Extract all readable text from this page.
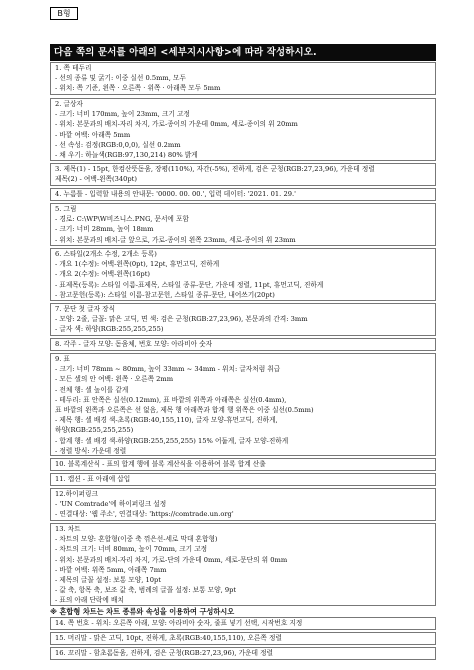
B형
다음 쪽의 문서를 아래의 <세부지시사항>에 따라 작성하시오.
1. 쪽 테두리
- 선의 종류 및 굵기: 이중 실선 0.5mm, 모두
- 위치: 쪽 기준, 왼쪽 · 오른쪽 · 위쪽 · 아래쪽 모두 5mm
2. 글상자
- 크기: 너비 170mm, 높이 23mm, 크기 고정
- 위치: 본문과의 배치-자리 차지, 가로-종이의 가운데 0mm, 세로-종이의 위 20mm
- 바깥 여백: 아래쪽 5mm
- 선 속성: 검정(RGB:0,0,0), 실선 0.2mm
- 채 우기: 하늘색(RGB:97,130,214) 80% 밝게
3. 제목(1) - 15pt, 한컴산뜻돋움, 장평(110%), 자간(-5%), 진하게, 검은 군청(RGB:27,23,96), 가운데 정렬
제목(2) - 여백-왼쪽(340pt)
4. 누름틀 - 입력할 내용의 안내문: '0000. 00. 00.', 입력 데이터: '2021. 01. 29.'
5. 그림
- 경로: C:\WP\W비즈니스.PNG, 문서에 포함
- 크기: 너비 28mm, 높이 18mm
- 위치: 본문과의 배치-글 앞으로, 가로-종이의 왼쪽 23mm, 세로-종이의 위 23mm
6. 스타일(2개소 수정, 2개소 등록)
- 개요 1(수정): 여백-왼쪽(0pt), 12pt, 휴먼고딕, 진하게
- 개요 2(수정): 여백-왼쪽(16pt)
- 표제목(등록): 스타일 이름-표제목, 스타일 종류-문단, 가운데 정렬, 11pt, 휴먼고딕, 진하게
- 참고문헌(등록): 스타일 이름-참고문헌, 스타일 종류-문단, 내어쓰기(20pt)
7. 문단 첫 글자 장식
- 모양: 2줄, 글꼴: 맑은 고딕, 면 색: 검은 군청(RGB:27,23,96), 본문과의 간격: 3mm
- 글자 색: 하양(RGB:255,255,255)
8. 각주 - 글자 모양: 돋움체, 번호 모양: 아라비아 숫자
9. 표
- 크기: 너비 78mm ~ 80mm, 높이 33mm ~ 34mm - 위치: 글자처럼 취급
- 모든 셀의 안 여백: 왼쪽 · 오른쪽 2mm
- 전체 행: 셀 높이를 같게
- 테두리: 표 안쪽은 실선(0.12mm), 표 바깥의 위쪽과 아래쪽은 실선(0.4mm),
표 바깥의 왼쪽과 오른쪽은 선 없음, 제목 행 아래쪽과 합계 행 위쪽은 이중 실선(0.5mm)
- 제목 행: 셀 배경 색-초록(RGB:40,155,110), 글자 모양-휴먼고딕, 진하게,
하양(RGB:255,255,255)
- 합계 행: 셀 배경 색-하양(RGB:255,255,255) 15% 어둡게, 글자 모양-진하게
- 정렬 방식: 가운데 정렬
10. 블록계산식 - 표의 합계 행에 블록 계산식을 이용하여 블록 합계 산출
11. 캡션 - 표 아래에 삽입
12.하이퍼링크
- 'UN Comtrade'에 하이퍼링크 설정
- 연결대상: '웹 주소', 연결대상: 'https://comtrade.un.org'
13. 차트
- 차트의 모양: 혼합형(이중 축 꺾은선-세로 막대 혼합형)
- 차트의 크기: 너비 80mm, 높이 70mm, 크기 고정
- 위치: 본문과의 배치-자리 차지, 가로-단의 가운데 0mm, 세로-문단의 위 0mm
- 바깥 여백: 위쪽 5mm, 아래쪽 7mm
- 제목의 글꼴 설정: 보통 모양, 10pt
- 값 축, 항목 축, 보조 값 축, 범례의 글꼴 설정: 보통 모양, 9pt
- 표의 아래 단락에 배치
※ 혼합형 차트는 차트 종류와 속성을 이용하여 구성하시오
14. 쪽 번호 - 위치: 오른쪽 아래, 모양: 아라비아 숫자, 줄표 넣기 선택, 시작번호 지정
15. 머리말 - 맑은 고딕, 10pt, 진하게, 초록(RGB:40,155,110), 오른쪽 정렬
16. 꼬리말 - 함초롬돋움, 진하게, 검은 군청(RGB:27,23,96), 가운데 정렬
